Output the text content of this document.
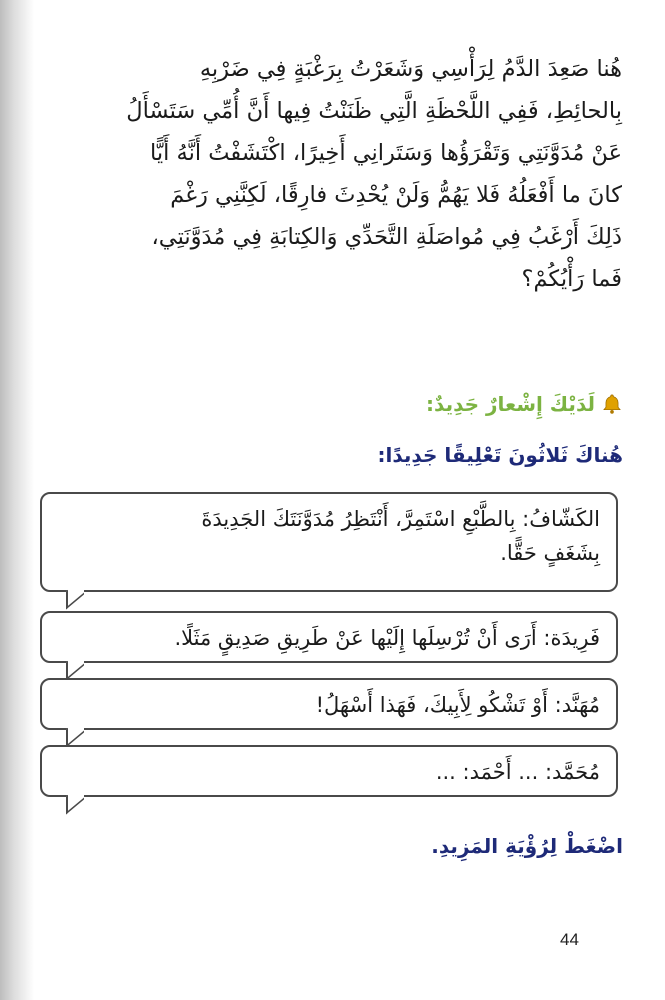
هُنا صَعِدَ الدَّمُ لِرَأْسِي وَشَعَرْتُ بِرَغْبَةٍ فِي ضَرْبِهِ
بِالحائِطِ، فَفِي اللَّحْظَةِ الَّتِي ظَنَنْتُ فِيها أَنَّ أُمِّي سَتَسْأَلُ
عَنْ مُدَوَّنَتِي وَتَقْرَؤُها وَسَتَرانِي أَخِيرًا، اكْتَشَفْتُ أَنَّهُ أَيًّا
كانَ ما أَفْعَلُهُ فَلا يَهُمُّ وَلَنْ يُحْدِثَ فارِقًا، لَكِنَّنِي رَغْمَ
ذَلِكَ أَرْغَبُ فِي مُواصَلَةِ التَّحَدِّي وَالكِتابَةِ فِي مُدَوَّنَتِي،
فَما رَأْيُكُمْ؟
لَدَيْكَ إِشْعارٌ جَدِيدٌ:

هُناكَ ثَلاثُونَ تَعْلِيقًا جَدِيدًا:

الكَشّافُ: بِالطَّبْعِ اسْتَمِرَّ، أَنْتَظِرُ مُدَوَّنَتَكَ الجَدِيدَةَ

بِشَغَفٍ حَقًّا.

فَرِيدَة: أَرَى أَنْ تُرْسِلَها إِلَيْها عَنْ طَرِيقِ صَدِيقٍ مَثَلًا.

مُهَنَّد: أَوْ تَشْكُو لِأَبِيكَ، فَهَذا أَسْهَلُ!

مُحَمَّد: ... أَحْمَد: ...

اضْغَطْ لِرُؤْيَةِ المَزِيدِ.

44
